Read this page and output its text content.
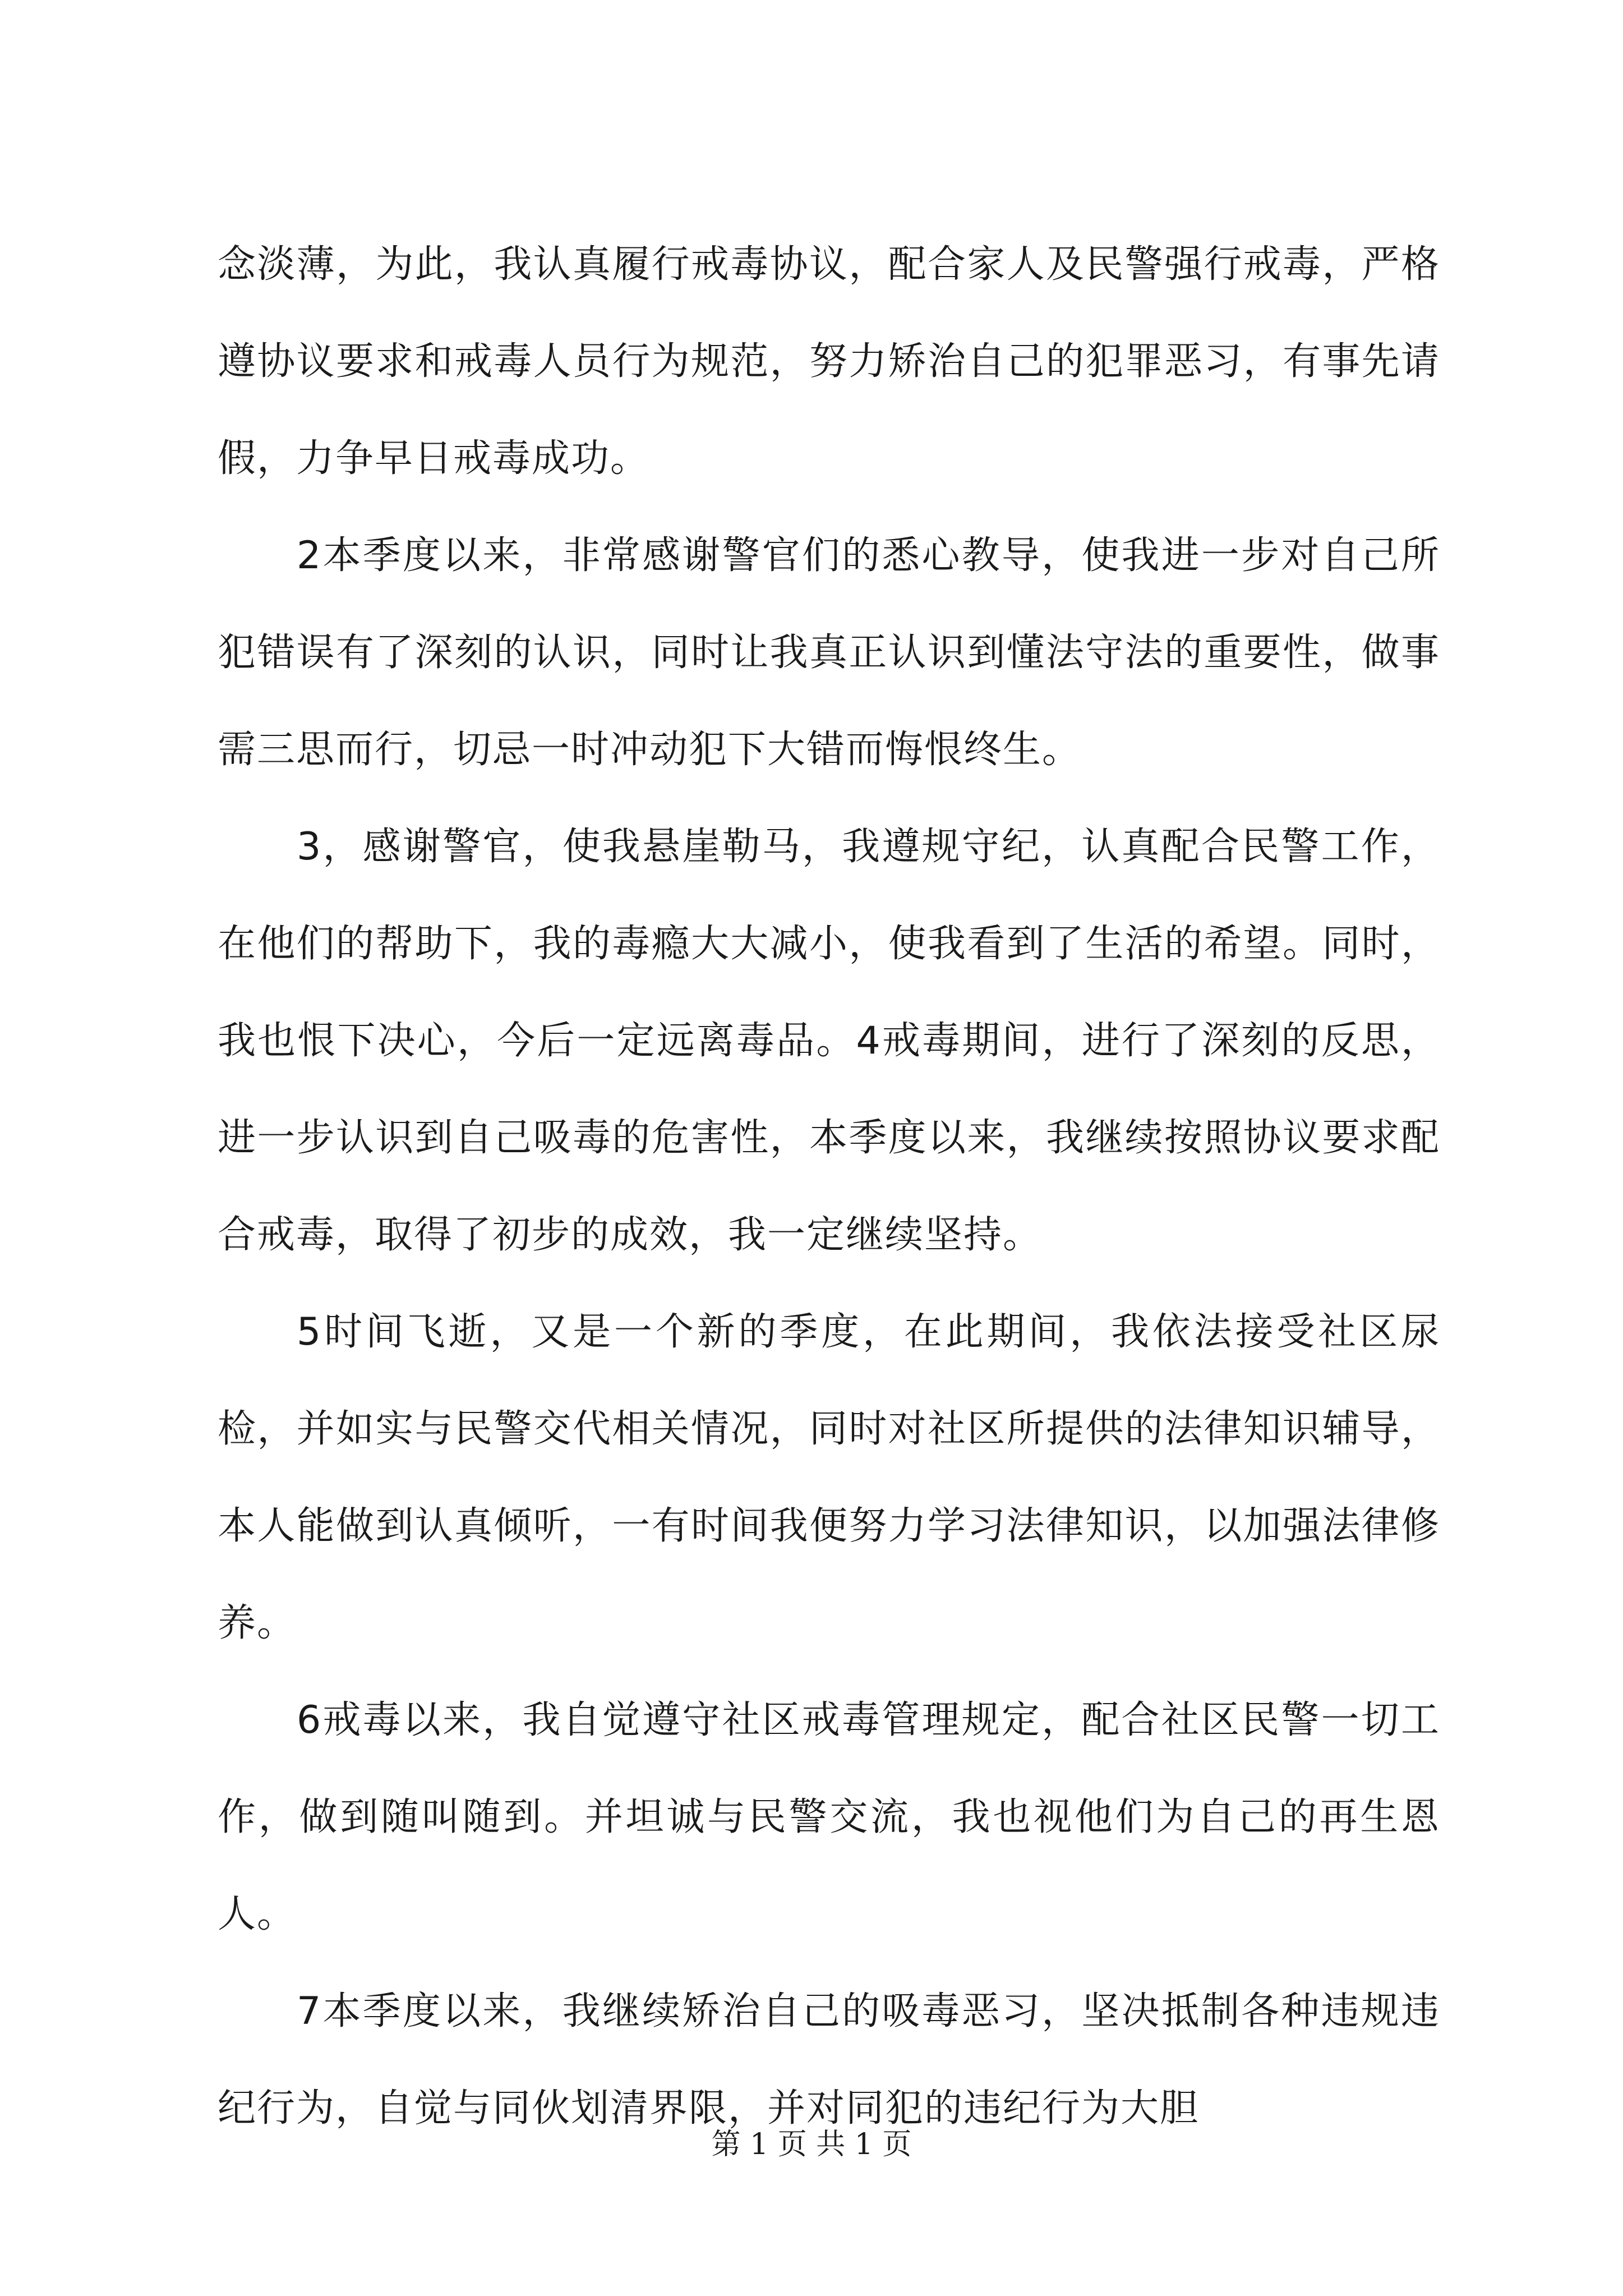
念淡薄，为此，我认真履行戒毒协议，配合家人及民警强行戒毒，严格遵协议要求和戒毒人员行为规范，努力矫治自己的犯罪恶习，有事先请假，力争早日戒毒成功。

2本季度以来，非常感谢警官们的悉心教导，使我进一步对自己所犯错误有了深刻的认识，同时让我真正认识到懂法守法的重要性，做事需三思而行，切忌一时冲动犯下大错而悔恨终生。

3，感谢警官，使我悬崖勒马，我遵规守纪，认真配合民警工作，在他们的帮助下，我的毒瘾大大减小，使我看到了生活的希望。同时，我也恨下决心，今后一定远离毒品。4戒毒期间，进行了深刻的反思，进一步认识到自己吸毒的危害性，本季度以来，我继续按照协议要求配合戒毒，取得了初步的成效，我一定继续坚持。

5时间飞逝，又是一个新的季度，在此期间，我依法接受社区尿检，并如实与民警交代相关情况，同时对社区所提供的法律知识辅导，本人能做到认真倾听，一有时间我便努力学习法律知识，以加强法律修养。

6戒毒以来，我自觉遵守社区戒毒管理规定，配合社区民警一切工作，做到随叫随到。并坦诚与民警交流，我也视他们为自己的再生恩人。

7本季度以来，我继续矫治自己的吸毒恶习，坚决抵制各种违规违纪行为，自觉与同伙划清界限，并对同犯的违纪行为大胆

第 1 页 共 1 页
